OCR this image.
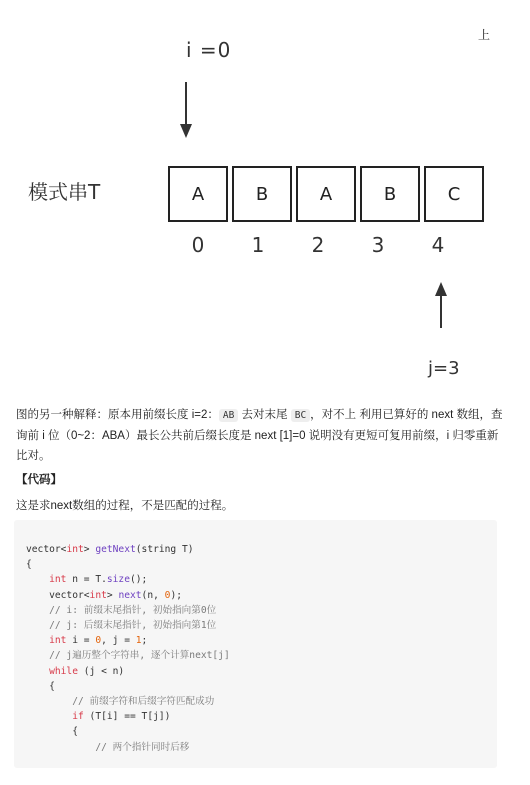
上
i =0
模式串T	A	B	A	B	C
0	1	2	3	4
j=3
图的另一种解释：原本用前缀长度 i=2： AB 去对末尾 BC ，对不上 利用已算好的 next 数组，查询前 i 位（0~2：ABA）最长公共前后缀长度是 next [1]=0 说明没有更短可复用前缀，i 归零重新比对。
【代码】
这是求next数组的过程，不是匹配的过程。
vector<int> getNext(string T)
{
int n = T.size();
vector<int> next(n, 0);
// i: 前缀末尾指针, 初始指向第0位
// j: 后缀末尾指针, 初始指向第1位
int i = 0, j = 1;
// j遍历整个字符串, 逐个计算next[j]
while (j < n)
{
// 前缀字符和后缀字符匹配成功
if (T[i] == T[j])
{
// 两个指针同时后移
